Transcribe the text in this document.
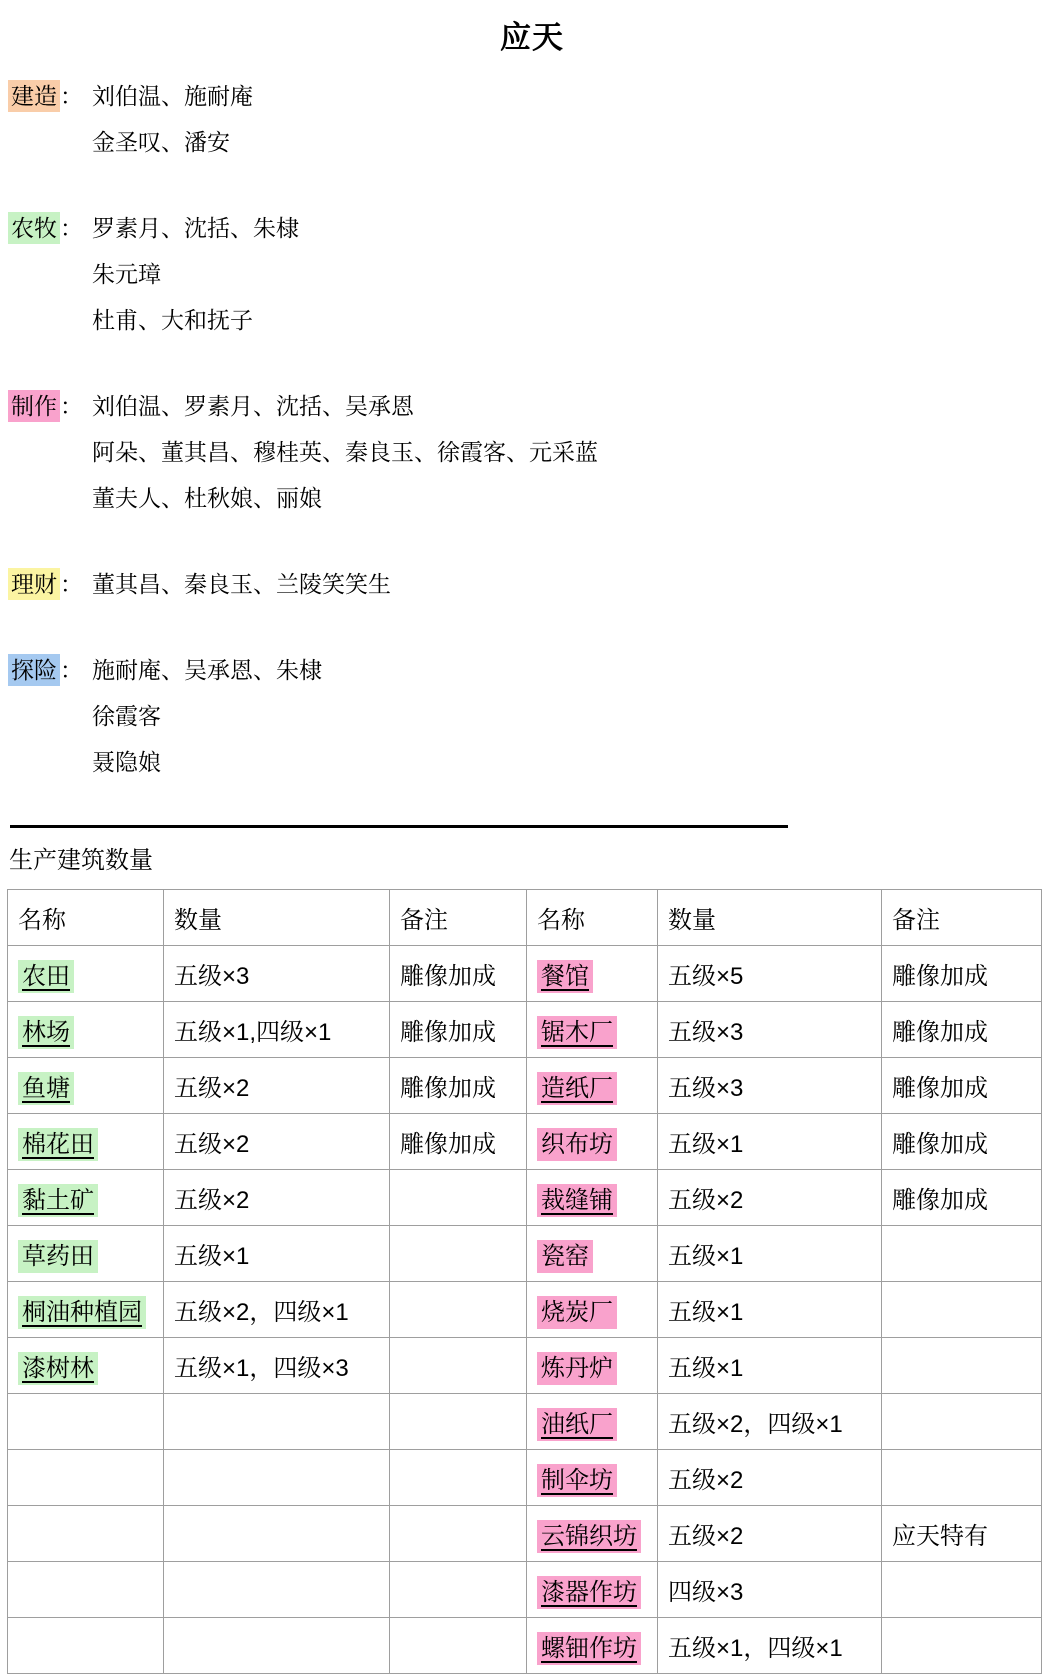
应天
建造 ： 刘伯温、施耐庵
金圣叹、潘安
农牧 ： 罗素月、沈括、朱棣
朱元璋
杜甫、大和抚子
制作 ： 刘伯温、罗素月、沈括、吴承恩
阿朵、董其昌、穆桂英、秦良玉、徐霞客、元采蓝
董夫人、杜秋娘、丽娘
理财 ： 董其昌、秦良玉、兰陵笑笑生
探险 ： 施耐庵、吴承恩、朱棣
徐霞客
聂隐娘
生产建筑数量
名称	数量	备注	名称	数量	备注
农田	五级×3	雕像加成	餐馆	五级×5	雕像加成
林场	五级×1,四级×1	雕像加成	锯木厂	五级×3	雕像加成
鱼塘	五级×2	雕像加成	造纸厂	五级×3	雕像加成
棉花田	五级×2	雕像加成	织布坊	五级×1	雕像加成
黏土矿	五级×2		裁缝铺	五级×2	雕像加成
草药田	五级×1		瓷窑	五级×1	
桐油种植园	五级×2，四级×1		烧炭厂	五级×1	
漆树林	五级×1，四级×3		炼丹炉	五级×1	
			油纸厂	五级×2，四级×1	
			制伞坊	五级×2	
			云锦织坊	五级×2	应天特有
			漆器作坊	四级×3	
			螺钿作坊	五级×1，四级×1	
